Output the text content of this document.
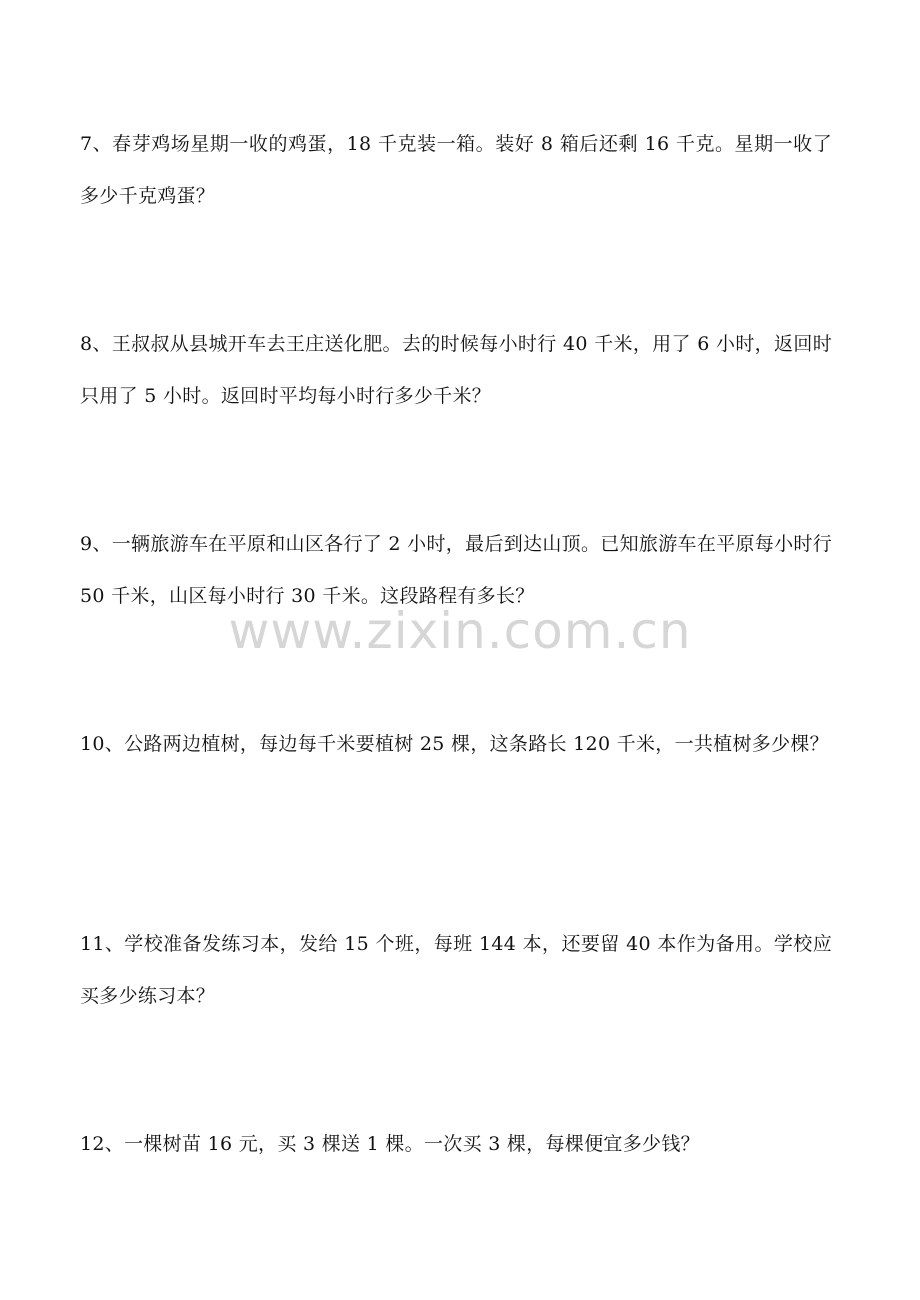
www.zixin.com.cn

7、春芽鸡场星期一收的鸡蛋，18 千克装一箱。装好 8 箱后还剩 16 千克。星期一收了多少千克鸡蛋？

8、王叔叔从县城开车去王庄送化肥。去的时候每小时行 40 千米，用了 6 小时，返回时只用了 5 小时。返回时平均每小时行多少千米？

9、一辆旅游车在平原和山区各行了 2 小时，最后到达山顶。已知旅游车在平原每小时行 50 千米，山区每小时行 30 千米。这段路程有多长？

10、公路两边植树，每边每千米要植树 25 棵，这条路长 120 千米，一共植树多少棵？

11、学校准备发练习本，发给 15 个班，每班 144 本，还要留 40 本作为备用。学校应买多少练习本？

12、一棵树苗 16 元，买 3 棵送 1 棵。一次买 3 棵，每棵便宜多少钱？
